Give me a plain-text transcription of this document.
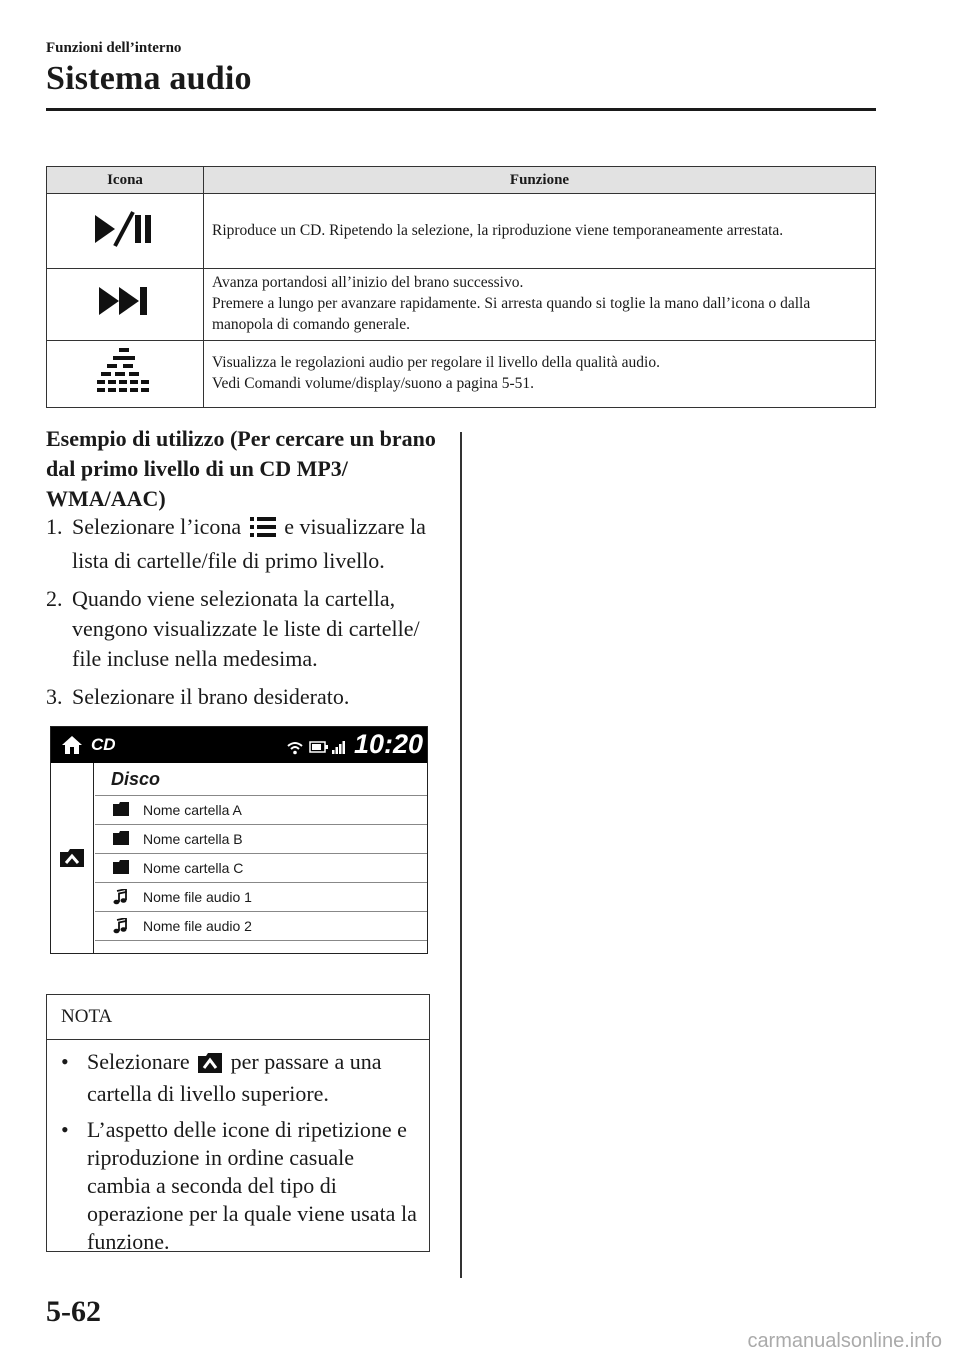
Funzioni dell’interno
Sistema audio
Icona	Funzione
	Riproduce un CD. Ripetendo la selezione, la riproduzione viene temporaneamente arrestata.

Avanza portandosi all’inizio del brano successivo.
Premere a lungo per avanzare rapidamente. Si arresta quando si toglie la mano dall’icona o dalla manopola di comando generale.

Visualizza le regolazioni audio per regolare il livello della qualità audio.
Vedi Comandi volume/display/suono a pagina 5-51.
Esempio di utilizzo (Per cercare un brano dal primo livello di un CD MP3/ WMA/AAC)
1. Selezionare l’icona e visualizzare la lista di cartelle/file di primo livello.
2. Quando viene selezionata la cartella, vengono visualizzate le liste di cartelle/ file incluse nella medesima.
3. Selezionare il brano desiderato.
CD	10:20
Disco
Nome cartella A
Nome cartella B
Nome cartella C
Nome file audio 1
Nome file audio 2
NOTA
• Selezionare per passare a una cartella di livello superiore.
• L’aspetto delle icone di ripetizione e riproduzione in ordine casuale cambia a seconda del tipo di operazione per la quale viene usata la funzione.
5-62
carmanualsonline.info
